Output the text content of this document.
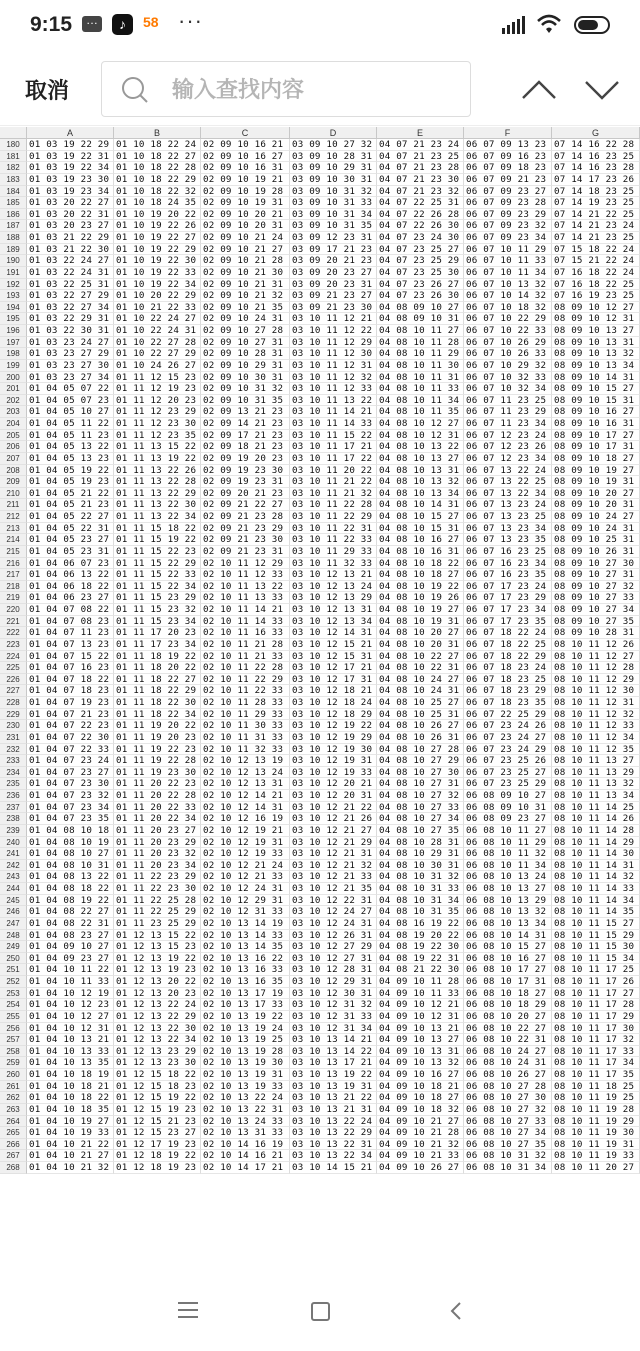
9:15
…	♪	58 ···
取消
输入查找内容
A	B	C	D	E	F	G
180	01 03 19 22 29 01 10 18 22 24 02 09 10 16 21 03 09 10 27 32 04 07 21 23 24 06 07 09 13 23 07 14 16 22 28
181	01 03 19 22 31 01 10 18 22 27 02 09 10 16 27 03 09 10 28 31 04 07 21 23 25 06 07 09 16 23 07 14 16 23 25
182	01 03 19 22 34 01 10 18 22 28 02 09 10 16 31 03 09 10 29 31 04 07 21 23 28 06 07 09 18 23 07 14 16 23 28
183	01 03 19 23 30 01 10 18 22 29 02 09 10 19 21 03 09 10 30 31 04 07 21 23 30 06 07 09 21 23 07 14 17 23 26
184	01 03 19 23 34 01 10 18 22 32 02 09 10 19 28 03 09 10 31 32 04 07 21 23 32 06 07 09 23 27 07 14 18 23 25
185	01 03 20 22 27 01 10 18 24 35 02 09 10 19 31 03 09 10 31 33 04 07 22 25 31 06 07 09 23 28 07 14 19 23 25
186	01 03 20 22 31 01 10 19 20 22 02 09 10 20 21 03 09 10 31 34 04 07 22 26 28 06 07 09 23 29 07 14 21 22 25
187	01 03 20 23 27 01 10 19 22 26 02 09 10 20 31 03 09 10 31 35 04 07 22 26 30 06 07 09 23 32 07 14 21 23 24
188	01 03 21 22 29 01 10 19 22 27 02 09 10 21 24 03 09 12 23 31 04 07 23 24 30 06 07 09 23 34 07 14 21 23 25
189	01 03 21 22 30 01 10 19 22 29 02 09 10 21 27 03 09 17 21 23 04 07 23 25 27 06 07 10 11 29 07 15 18 22 24
190	01 03 22 24 27 01 10 19 22 30 02 09 10 21 28 03 09 20 21 23 04 07 23 25 29 06 07 10 11 33 07 15 21 22 24
191	01 03 22 24 31 01 10 19 22 33 02 09 10 21 30 03 09 20 23 27 04 07 23 25 30 06 07 10 11 34 07 16 18 22 24
192	01 03 22 25 31 01 10 19 22 34 02 09 10 21 31 03 09 20 23 31 04 07 23 26 27 06 07 10 13 32 07 16 18 22 25
193	01 03 22 27 29 01 10 20 22 29 02 09 10 21 32 03 09 21 23 27 04 07 23 26 30 06 07 10 14 32 07 16 19 23 25
194	01 03 22 27 34 01 10 21 22 33 02 09 10 21 35 03 09 21 23 30 04 08 09 10 27 06 07 10 18 32 08 09 10 12 27
195	01 03 22 29 31 01 10 22 24 27 02 09 10 24 31 03 10 11 12 21 04 08 09 10 31 06 07 10 22 29 08 09 10 12 31
196	01 03 22 30 31 01 10 22 24 31 02 09 10 27 28 03 10 11 12 22 04 08 10 11 27 06 07 10 22 33 08 09 10 13 27
197	01 03 23 24 27 01 10 22 27 28 02 09 10 27 31 03 10 11 12 29 04 08 10 11 28 06 07 10 26 29 08 09 10 13 31
198	01 03 23 27 29 01 10 22 27 29 02 09 10 28 31 03 10 11 12 30 04 08 10 11 29 06 07 10 26 33 08 09 10 13 32
199	01 03 23 27 30 01 10 24 26 27 02 09 10 29 31 03 10 11 12 31 04 08 10 11 30 06 07 10 29 32 08 09 10 13 34
200	01 03 23 27 34 01 11 12 15 23 02 09 10 30 31 03 10 11 12 32 04 08 10 11 31 06 07 10 32 33 08 09 10 14 31
201	01 04 05 07 22 01 11 12 19 23 02 09 10 31 32 03 10 11 12 33 04 08 10 11 33 06 07 10 32 34 08 09 10 15 27
202	01 04 05 07 23 01 11 12 20 23 02 09 10 31 35 03 10 11 13 22 04 08 10 11 34 06 07 11 23 25 08 09 10 15 31
203	01 04 05 10 27 01 11 12 23 29 02 09 13 21 23 03 10 11 14 21 04 08 10 11 35 06 07 11 23 29 08 09 10 16 27
204	01 04 05 11 22 01 11 12 23 30 02 09 14 21 23 03 10 11 14 33 04 08 10 12 27 06 07 11 23 34 08 09 10 16 31
205	01 04 05 11 23 01 11 12 23 35 02 09 17 21 23 03 10 11 15 22 04 08 10 12 31 06 07 12 23 24 08 09 10 17 27
206	01 04 05 13 22 01 11 13 15 22 02 09 18 21 23 03 10 11 17 21 04 08 10 13 22 06 07 12 23 26 08 09 10 17 31
207	01 04 05 13 23 01 11 13 19 22 02 09 19 20 23 03 10 11 17 22 04 08 10 13 27 06 07 12 23 34 08 09 10 18 27
208	01 04 05 19 22 01 11 13 22 26 02 09 19 23 30 03 10 11 20 22 04 08 10 13 31 06 07 13 22 24 08 09 10 19 27
209	01 04 05 19 23 01 11 13 22 28 02 09 19 23 31 03 10 11 21 22 04 08 10 13 32 06 07 13 22 25 08 09 10 19 31
210	01 04 05 21 22 01 11 13 22 29 02 09 20 21 23 03 10 11 21 32 04 08 10 13 34 06 07 13 22 34 08 09 10 20 27
211	01 04 05 21 23 01 11 13 22 30 02 09 21 22 27 03 10 11 22 28 04 08 10 14 31 06 07 13 23 24 08 09 10 20 31
212	01 04 05 22 27 01 11 13 22 34 02 09 21 23 28 03 10 11 22 29 04 08 10 15 27 06 07 13 23 25 08 09 10 24 27
213	01 04 05 22 31 01 11 15 18 22 02 09 21 23 29 03 10 11 22 31 04 08 10 15 31 06 07 13 23 34 08 09 10 24 31
214	01 04 05 23 27 01 11 15 19 22 02 09 21 23 30 03 10 11 22 33 04 08 10 16 27 06 07 13 23 35 08 09 10 25 31
215	01 04 05 23 31 01 11 15 22 23 02 09 21 23 31 03 10 11 29 33 04 08 10 16 31 06 07 16 23 25 08 09 10 26 31
216	01 04 06 07 23 01 11 15 22 29 02 10 11 12 29 03 10 11 32 33 04 08 10 18 22 06 07 16 23 34 08 09 10 27 30
217	01 04 06 13 22 01 11 15 22 33 02 10 11 12 33 03 10 12 13 21 04 08 10 18 27 06 07 16 23 35 08 09 10 27 31
218	01 04 06 18 22 01 11 15 22 34 02 10 11 13 22 03 10 12 13 24 04 08 10 19 22 06 07 17 23 24 08 09 10 27 32
219	01 04 06 23 27 01 11 15 23 29 02 10 11 13 33 03 10 12 13 29 04 08 10 19 26 06 07 17 23 29 08 09 10 27 33
220	01 04 07 08 22 01 11 15 23 32 02 10 11 14 21 03 10 12 13 31 04 08 10 19 27 06 07 17 23 34 08 09 10 27 34
221	01 04 07 08 23 01 11 15 23 34 02 10 11 14 33 03 10 12 13 34 04 08 10 19 31 06 07 17 23 35 08 09 10 27 35
222	01 04 07 11 23 01 11 17 20 23 02 10 11 16 33 03 10 12 14 31 04 08 10 20 27 06 07 18 22 24 08 09 10 28 31
223	01 04 07 13 23 01 11 17 23 34 02 10 11 21 28 03 10 12 15 21 04 08 10 20 31 06 07 18 22 25 08 10 11 12 26
224	01 04 07 15 22 01 11 18 19 22 02 10 11 21 33 03 10 12 15 31 04 08 10 22 27 06 07 18 22 29 08 10 11 12 27
225	01 04 07 16 23 01 11 18 20 22 02 10 11 22 28 03 10 12 17 21 04 08 10 22 31 06 07 18 23 24 08 10 11 12 28
226	01 04 07 18 22 01 11 18 22 27 02 10 11 22 29 03 10 12 17 31 04 08 10 24 27 06 07 18 23 25 08 10 11 12 29
227	01 04 07 18 23 01 11 18 22 29 02 10 11 22 33 03 10 12 18 21 04 08 10 24 31 06 07 18 23 29 08 10 11 12 30
228	01 04 07 19 23 01 11 18 22 30 02 10 11 28 33 03 10 12 18 24 04 08 10 25 27 06 07 18 23 35 08 10 11 12 31
229	01 04 07 21 23 01 11 18 22 34 02 10 11 29 33 03 10 12 18 29 04 08 10 25 31 06 07 22 25 29 08 10 11 12 32
230	01 04 07 22 23 01 11 19 20 22 02 10 11 30 33 03 10 12 19 22 04 08 10 26 27 06 07 23 24 26 08 10 11 12 33
231	01 04 07 22 30 01 11 19 20 23 02 10 11 31 33 03 10 12 19 29 04 08 10 26 31 06 07 23 24 27 08 10 11 12 34
232	01 04 07 22 33 01 11 19 22 23 02 10 11 32 33 03 10 12 19 30 04 08 10 27 28 06 07 23 24 29 08 10 11 12 35
233	01 04 07 23 24 01 11 19 22 28 02 10 12 13 19 03 10 12 19 31 04 08 10 27 29 06 07 23 25 26 08 10 11 13 27
234	01 04 07 23 27 01 11 19 23 30 02 10 12 13 24 03 10 12 19 33 04 08 10 27 30 06 07 23 25 27 08 10 11 13 29
235	01 04 07 23 30 01 11 20 22 23 02 10 12 13 31 03 10 12 20 21 04 08 10 27 31 06 07 23 25 29 08 10 11 13 32
236	01 04 07 23 32 01 11 20 22 28 02 10 12 14 21 03 10 12 20 31 04 08 10 27 32 06 08 09 10 27 08 10 11 13 34
237	01 04 07 23 34 01 11 20 22 33 02 10 12 14 31 03 10 12 21 22 04 08 10 27 33 06 08 09 10 31 08 10 11 14 25
238	01 04 07 23 35 01 11 20 22 34 02 10 12 16 19 03 10 12 21 26 04 08 10 27 34 06 08 09 23 27 08 10 11 14 26
239	01 04 08 10 18 01 11 20 23 27 02 10 12 19 21 03 10 12 21 27 04 08 10 27 35 06 08 10 11 27 08 10 11 14 28
240	01 04 08 10 19 01 11 20 23 29 02 10 12 19 31 03 10 12 21 29 04 08 10 28 31 06 08 10 11 29 08 10 11 14 29
241	01 04 08 10 27 01 11 20 23 32 02 10 12 19 33 03 10 12 21 31 04 08 10 29 31 06 08 10 11 32 08 10 11 14 30
242	01 04 08 10 31 01 11 20 23 34 02 10 12 21 24 03 10 12 21 32 04 08 10 30 31 06 08 10 11 34 08 10 11 14 31
243	01 04 08 13 22 01 11 22 23 29 02 10 12 21 33 03 10 12 21 33 04 08 10 31 32 06 08 10 13 24 08 10 11 14 32
244	01 04 08 18 22 01 11 22 23 30 02 10 12 24 31 03 10 12 21 35 04 08 10 31 33 06 08 10 13 27 08 10 11 14 33
245	01 04 08 19 22 01 11 22 25 28 02 10 12 29 31 03 10 12 22 31 04 08 10 31 34 06 08 10 13 29 08 10 11 14 34
246	01 04 08 22 27 01 11 22 25 29 02 10 12 31 33 03 10 12 24 27 04 08 10 31 35 06 08 10 13 32 08 10 11 14 35
247	01 04 08 22 31 01 11 23 25 29 02 10 13 14 19 03 10 12 24 31 04 08 16 19 22 06 08 10 13 34 08 10 11 15 27
248	01 04 08 23 27 01 12 13 15 22 02 10 13 14 33 03 10 12 26 31 04 08 19 20 22 06 08 10 14 31 08 10 11 15 29
249	01 04 09 10 27 01 12 13 15 23 02 10 13 14 35 03 10 12 27 29 04 08 19 22 30 06 08 10 15 27 08 10 11 15 30
250	01 04 09 23 27 01 12 13 19 22 02 10 13 16 22 03 10 12 27 31 04 08 19 22 31 06 08 10 16 27 08 10 11 15 34
251	01 04 10 11 22 01 12 13 19 23 02 10 13 16 33 03 10 12 28 31 04 08 21 22 30 06 08 10 17 27 08 10 11 17 25
252	01 04 10 11 33 01 12 13 20 22 02 10 13 16 35 03 10 12 29 31 04 09 10 11 28 06 08 10 17 31 08 10 11 17 26
253	01 04 10 12 19 01 12 13 20 23 02 10 13 17 19 03 10 12 30 31 04 09 10 11 33 06 08 10 18 27 08 10 11 17 27
254	01 04 10 12 23 01 12 13 22 24 02 10 13 17 33 03 10 12 31 32 04 09 10 12 21 06 08 10 18 29 08 10 11 17 28
255	01 04 10 12 27 01 12 13 22 29 02 10 13 19 22 03 10 12 31 33 04 09 10 12 31 06 08 10 20 27 08 10 11 17 29
256	01 04 10 12 31 01 12 13 22 30 02 10 13 19 24 03 10 12 31 34 04 09 10 13 21 06 08 10 22 27 08 10 11 17 30
257	01 04 10 13 21 01 12 13 22 34 02 10 13 19 25 03 10 13 14 21 04 09 10 13 27 06 08 10 22 31 08 10 11 17 32
258	01 04 10 13 33 01 12 13 23 29 02 10 13 19 28 03 10 13 14 22 04 09 10 13 31 06 08 10 24 27 08 10 11 17 33
259	01 04 10 13 35 01 12 13 23 30 02 10 13 19 30 03 10 13 17 21 04 09 10 13 32 06 08 10 24 31 08 10 11 17 34
260	01 04 10 18 19 01 12 15 18 22 02 10 13 19 31 03 10 13 19 22 04 09 10 16 27 06 08 10 26 27 08 10 11 17 35
261	01 04 10 18 21 01 12 15 18 23 02 10 13 19 33 03 10 13 19 31 04 09 10 18 21 06 08 10 27 28 08 10 11 18 25
262	01 04 10 18 22 01 12 15 19 22 02 10 13 22 24 03 10 13 21 22 04 09 10 18 27 06 08 10 27 30 08 10 11 19 25
263	01 04 10 18 35 01 12 15 19 23 02 10 13 22 31 03 10 13 21 31 04 09 10 18 32 06 08 10 27 32 08 10 11 19 28
264	01 04 10 19 27 01 12 15 21 23 02 10 13 24 33 03 10 13 22 24 04 09 10 21 27 06 08 10 27 33 08 10 11 19 29
265	01 04 10 19 33 01 12 15 23 27 02 10 13 31 33 03 10 13 22 29 04 09 10 21 28 06 08 10 27 34 08 10 11 19 30
266	01 04 10 21 22 01 12 17 19 23 02 10 14 16 19 03 10 13 22 31 04 09 10 21 32 06 08 10 27 35 08 10 11 19 31
267	01 04 10 21 27 01 12 18 19 22 02 10 14 16 21 03 10 13 22 34 04 09 10 21 33 06 08 10 31 32 08 10 11 19 33
268	01 04 10 21 32 01 12 18 19 23 02 10 14 17 21 03 10 14 15 21 04 09 10 26 27 06 08 10 31 34 08 10 11 20 27
